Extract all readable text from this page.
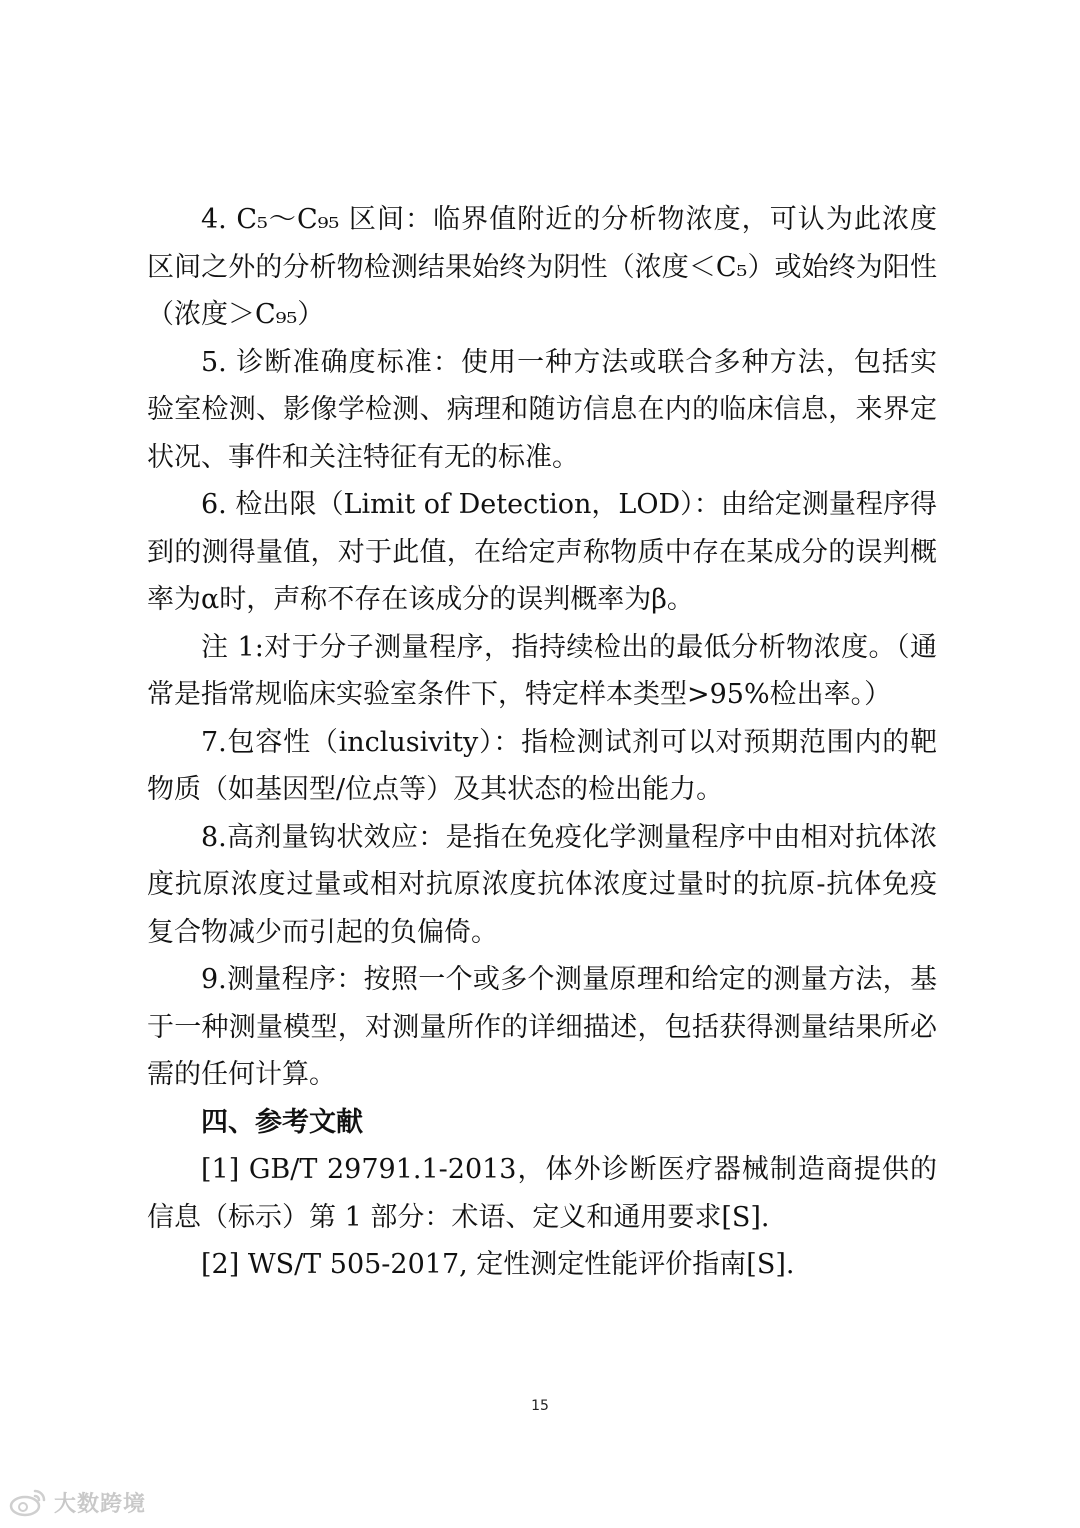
4. C₅～C₉₅ 区间：临界值附近的分析物浓度，可认为此浓度区间之外的分析物检测结果始终为阴性（浓度＜C₅）或始终为阳性（浓度＞C₉₅）

5. 诊断准确度标准：使用一种方法或联合多种方法，包括实验室检测、影像学检测、病理和随访信息在内的临床信息，来界定状况、事件和关注特征有无的标准。

6. 检出限（Limit of Detection，LOD）：由给定测量程序得到的测得量值，对于此值，在给定声称物质中存在某成分的误判概率为α时，声称不存在该成分的误判概率为β。

注 1:对于分子测量程序，指持续检出的最低分析物浓度。（通常是指常规临床实验室条件下，特定样本类型>95%检出率。）

7.包容性（inclusivity）：指检测试剂可以对预期范围内的靶物质（如基因型/位点等）及其状态的检出能力。

8.高剂量钩状效应：是指在免疫化学测量程序中由相对抗体浓度抗原浓度过量或相对抗原浓度抗体浓度过量时的抗原-抗体免疫复合物减少而引起的负偏倚。

9.测量程序：按照一个或多个测量原理和给定的测量方法，基于一种测量模型，对测量所作的详细描述，包括获得测量结果所必需的任何计算。

四、参考文献

[1] GB/T 29791.1-2013，体外诊断医疗器械制造商提供的信息（标示）第 1 部分：术语、定义和通用要求[S].

[2] WS/T 505-2017, 定性测定性能评价指南[S].

15
大数跨境
